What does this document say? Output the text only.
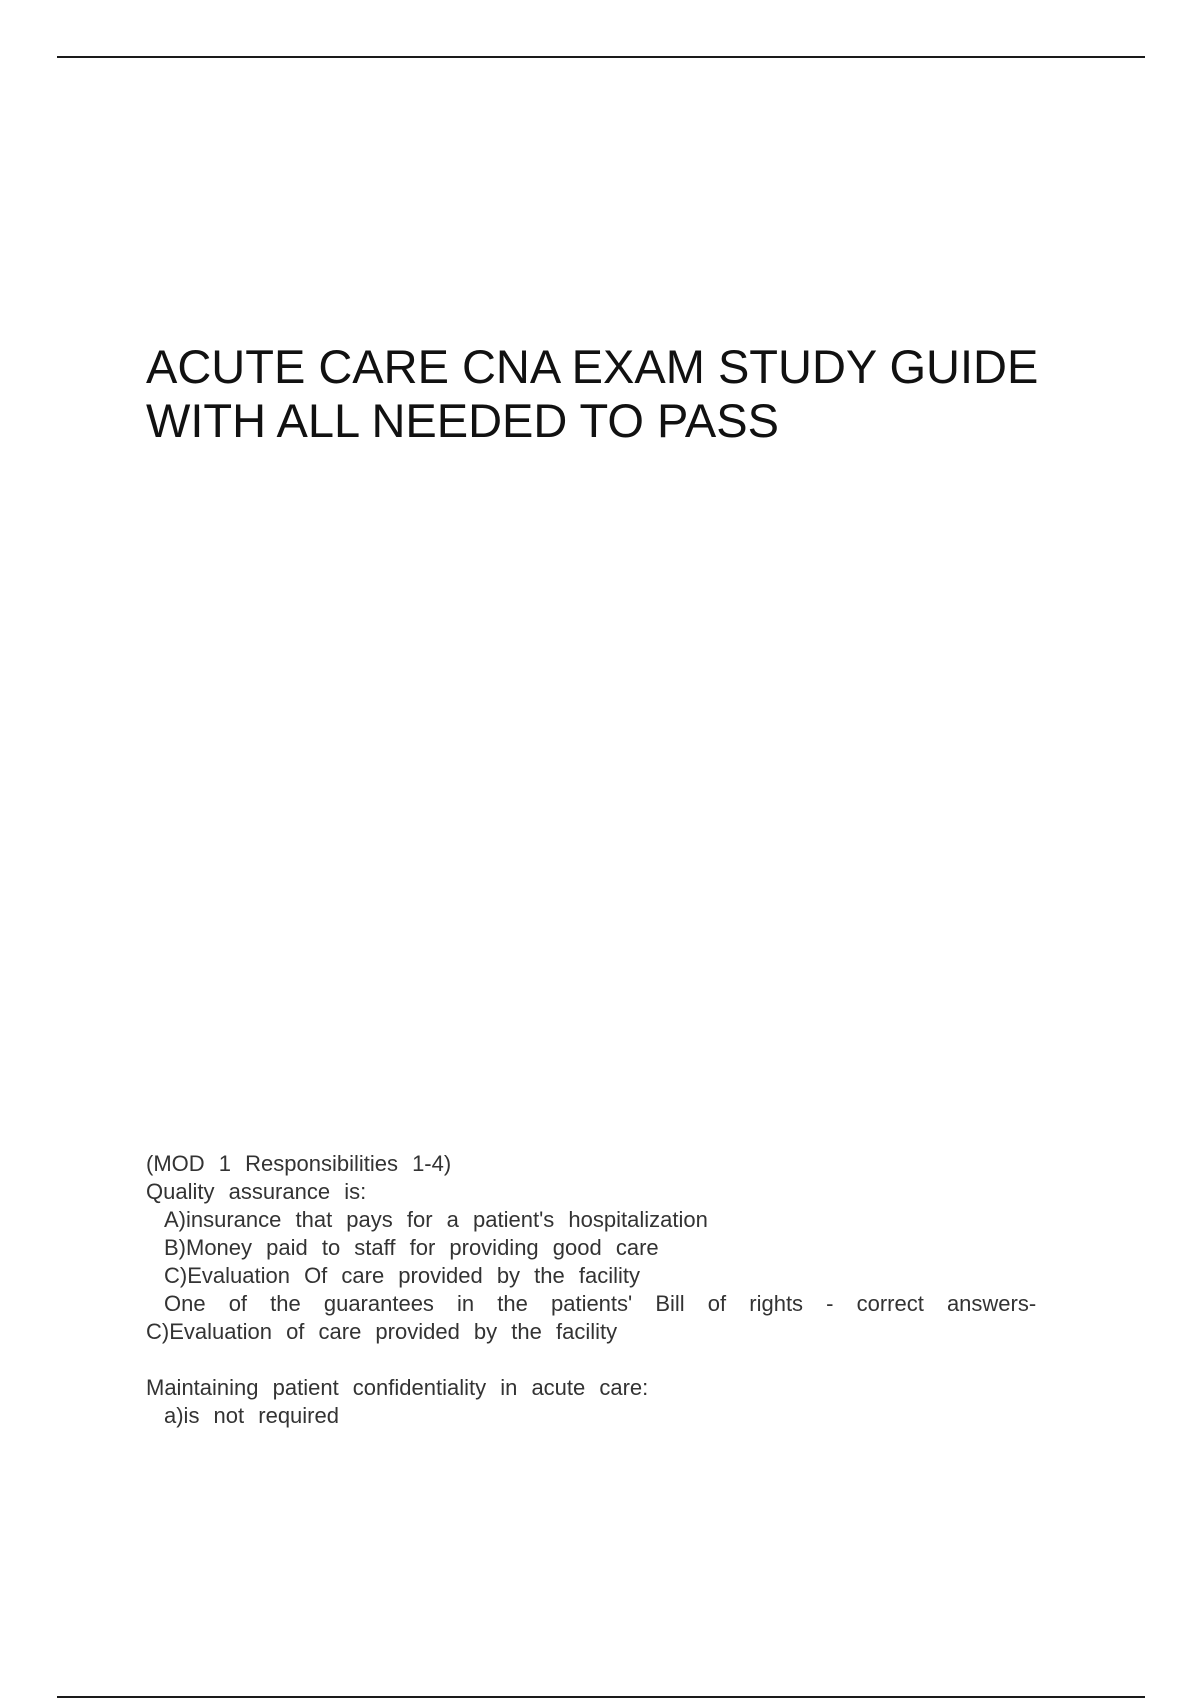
ACUTE CARE CNA EXAM STUDY GUIDE
WITH ALL NEEDED TO PASS
(MOD 1 Responsibilities 1-4)
Quality assurance is:
A)insurance that pays for a patient's hospitalization
B)Money paid to staff for providing good care
C)Evaluation Of care provided by the facility
One of the guarantees in the patients' Bill of rights - correct answers-
C)Evaluation of care provided by the facility
Maintaining patient confidentiality in acute care:
a)is not required
